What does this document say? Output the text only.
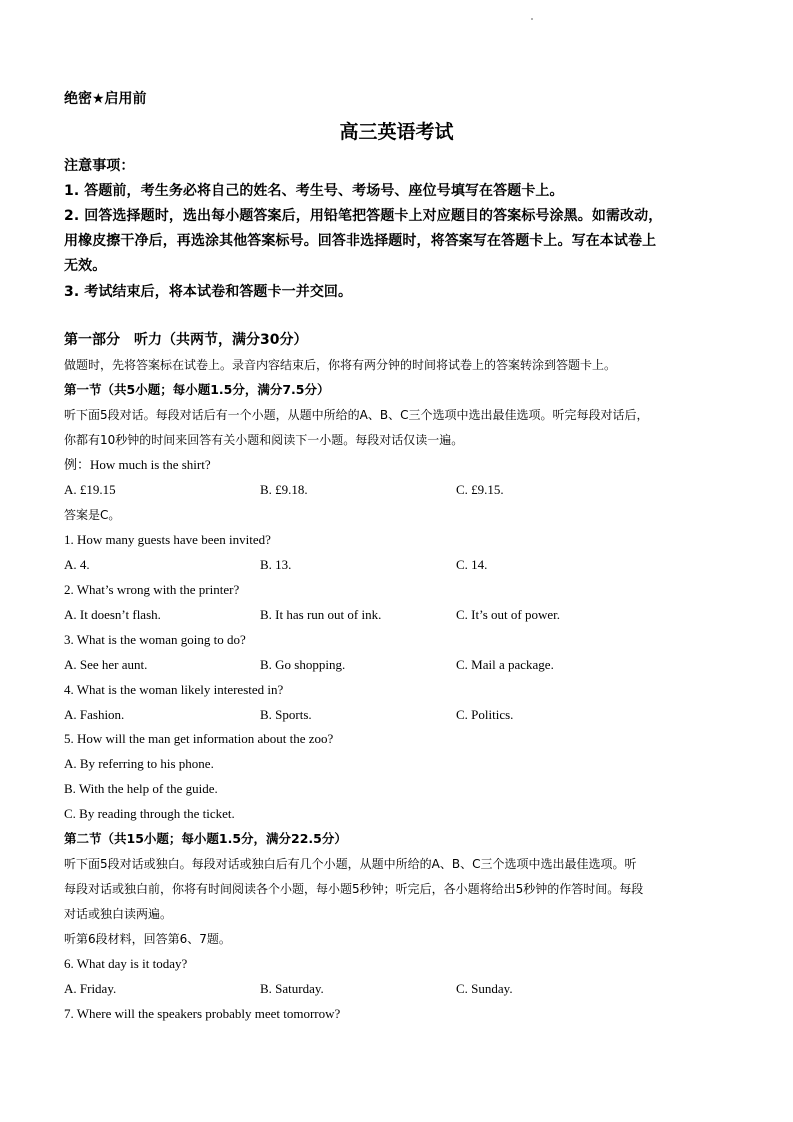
绝密★启用前
高三英语考试
注意事项：
1. 答题前，考生务必将自己的姓名、考生号、考场号、座位号填写在答题卡上。
2. 回答选择题时，选出每小题答案后，用铅笔把答题卡上对应题目的答案标号涂黑。如需改动，
用橡皮擦干净后，再选涂其他答案标号。回答非选择题时，将答案写在答题卡上。写在本试卷上
无效。
3. 考试结束后，将本试卷和答题卡一并交回。
第一部分　听力（共两节，满分30分）
做题时，先将答案标在试卷上。录音内容结束后，你将有两分钟的时间将试卷上的答案转涂到答题卡上。
第一节（共5小题；每小题1.5分，满分7.5分）
听下面5段对话。每段对话后有一个小题，从题中所给的A、B、C三个选项中选出最佳选项。听完每段对话后，
你都有10秒钟的时间来回答有关小题和阅读下一小题。每段对话仅读一遍。
例：How much is the shirt?
A. £19.15	B. £9.18.	C. £9.15.
答案是C。
1. How many guests have been invited?
A. 4.	B. 13.	C. 14.
2. What’s wrong with the printer?
A. It doesn’t flash.	B. It has run out of ink.	C. It’s out of power.
3. What is the woman going to do?
A. See her aunt.	B. Go shopping.	C. Mail a package.
4. What is the woman likely interested in?
A. Fashion.	B. Sports.	C. Politics.
5. How will the man get information about the zoo?
A. By referring to his phone.
B. With the help of the guide.
C. By reading through the ticket.
第二节（共15小题；每小题1.5分，满分22.5分）
听下面5段对话或独白。每段对话或独白后有几个小题，从题中所给的A、B、C三个选项中选出最佳选项。听
每段对话或独白前，你将有时间阅读各个小题，每小题5秒钟；听完后，各小题将给出5秒钟的作答时间。每段
对话或独白读两遍。
听第6段材料，回答第6、7题。
6. What day is it today?
A. Friday.	B. Saturday.	C. Sunday.
7. Where will the speakers probably meet tomorrow?
